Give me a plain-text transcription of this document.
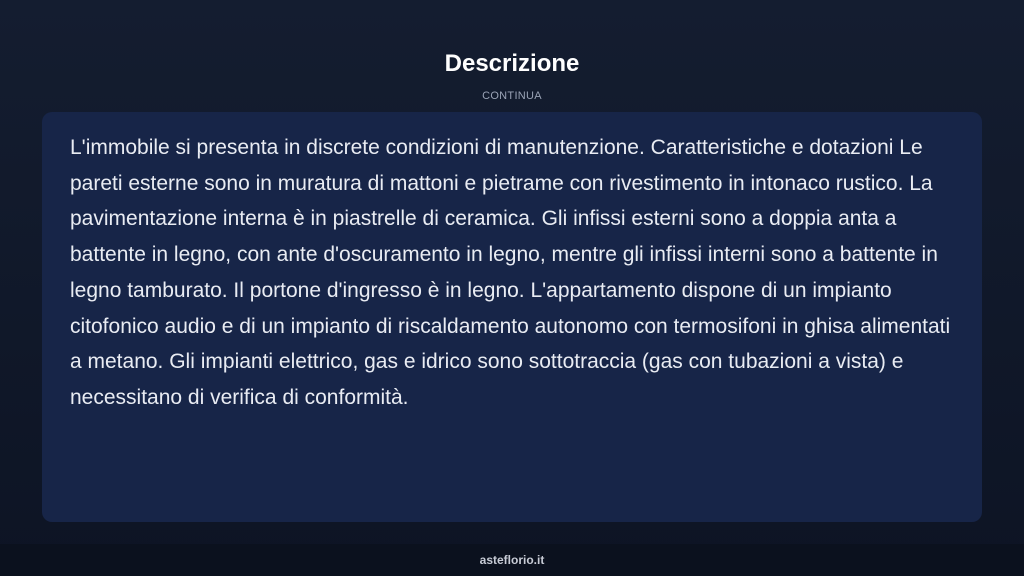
Descrizione
CONTINUA

L'immobile si presenta in discrete condizioni di manutenzione. Caratteristiche e dotazioni Le pareti esterne sono in muratura di mattoni e pietrame con rivestimento in intonaco rustico. La pavimentazione interna è in piastrelle di ceramica. Gli infissi esterni sono a doppia anta a battente in legno, con ante d'oscuramento in legno, mentre gli infissi interni sono a battente in legno tamburato. Il portone d'ingresso è in legno. L'appartamento dispone di un impianto citofonico audio e di un impianto di riscaldamento autonomo con termosifoni in ghisa alimentati a metano. Gli impianti elettrico, gas e idrico sono sottotraccia (gas con tubazioni a vista) e necessitano di verifica di conformità.

asteflorio.it
